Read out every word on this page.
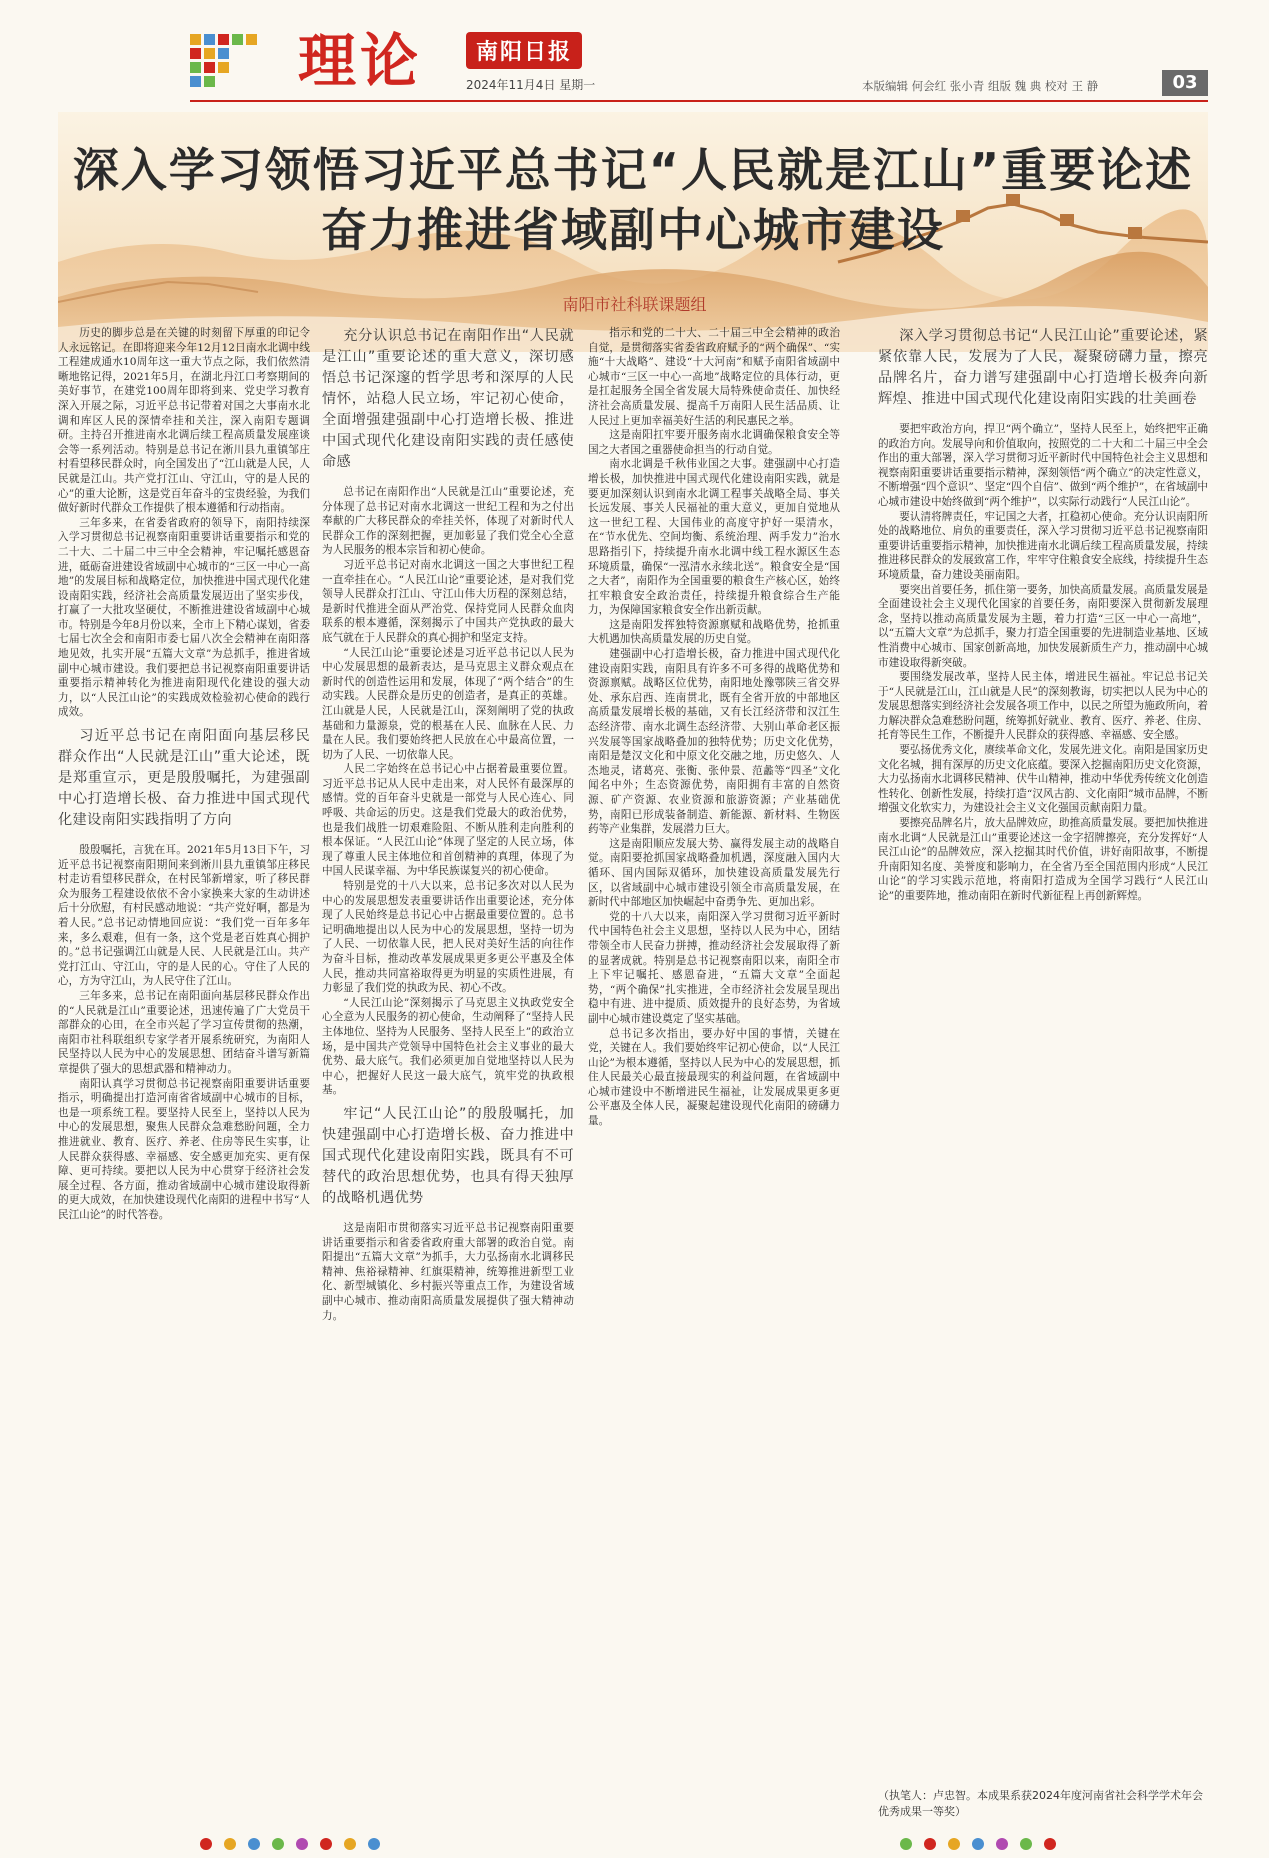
理论	南阳日报
2024年11月4日 星期一	本版编辑 何会红 张小青 组版 魏 典 校对 王 静	03
深入学习领悟习近平总书记“人民就是江山”重要论述
奋力推进省域副中心城市建设
南阳市社科联课题组

历史的脚步总是在关键的时刻留下厚重的印记令人永远铭记。在即将迎来今年12月12日南水北调中线工程建成通水10周年这一重大节点之际，我们依然清晰地铭记得，2021年5月，在湖北丹江口考察期间的美好事节，在建党100周年即将到来、党史学习教育深入开展之际，习近平总书记带着对国之大事南水北调和库区人民的深情牵挂和关注，深入南阳专题调研。主持召开推进南水北调后续工程高质量发展座谈会等一系列活动。特别是总书记在淅川县九重镇邹庄村看望移民群众时，向全国发出了“江山就是人民，人民就是江山。共产党打江山、守江山，守的是人民的心”的重大论断，这是党百年奋斗的宝贵经验，为我们做好新时代群众工作提供了根本遵循和行动指南。

三年多来，在省委省政府的领导下，南阳持续深入学习贯彻总书记视察南阳重要讲话重要指示和党的二十大、二十届二中三中全会精神，牢记嘱托感恩奋进，砥砺奋进建设省域副中心城市的“三区一中心一高地”的发展目标和战略定位，加快推进中国式现代化建设南阳实践，经济社会高质量发展迈出了坚实步伐，打赢了一大批攻坚硬仗，不断推进建设省域副中心城市。特别是今年8月份以来，全市上下精心谋划，省委七届七次全会和南阳市委七届八次全会精神在南阳落地见效，扎实开展“五篇大文章”为总抓手，推进省域副中心城市建设。我们要把总书记视察南阳重要讲话重要指示精神转化为推进南阳现代化建设的强大动力，以“人民江山论”的实践成效检验初心使命的践行成效。

习近平总书记在南阳面向基层移民群众作出“人民就是江山”重大论述，既是郑重宣示，更是殷殷嘱托，为建强副中心打造增长极、奋力推进中国式现代化建设南阳实践指明了方向

殷殷嘱托，言犹在耳。2021年5月13日下午，习近平总书记视察南阳期间来到淅川县九重镇邹庄移民村走访看望移民群众，在村民邹新增家，听了移民群众为服务工程建设依依不舍小家换来大家的生动讲述后十分欣慰，有村民感动地说：“共产党好啊，都是为着人民。”总书记动情地回应说：“我们党一百年多年来，多么艰难，但有一条，这个党是老百姓真心拥护的。”总书记强调江山就是人民、人民就是江山。共产党打江山、守江山，守的是人民的心。守住了人民的心，方为守江山，为人民守住了江山。

三年多来，总书记在南阳面向基层移民群众作出的“人民就是江山”重要论述，迅速传遍了广大党员干部群众的心田，在全市兴起了学习宣传贯彻的热潮，南阳市社科联组织专家学者开展系统研究，为南阳人民坚持以人民为中心的发展思想、团结奋斗谱写新篇章提供了强大的思想武器和精神动力。

南阳认真学习贯彻总书记视察南阳重要讲话重要指示，明确提出打造河南省省域副中心城市的目标，也是一项系统工程。要坚持人民至上，坚持以人民为中心的发展思想，聚焦人民群众急难愁盼问题，全力推进就业、教育、医疗、养老、住房等民生实事，让人民群众获得感、幸福感、安全感更加充实、更有保障、更可持续。要把以人民为中心贯穿于经济社会发展全过程、各方面，推动省域副中心城市建设取得新的更大成效，在加快建设现代化南阳的进程中书写“人民江山论”的时代答卷。

充分认识总书记在南阳作出“人民就是江山”重要论述的重大意义，深切感悟总书记深邃的哲学思考和深厚的人民情怀，站稳人民立场，牢记初心使命，全面增强建强副中心打造增长极、推进中国式现代化建设南阳实践的责任感使命感

总书记在南阳作出“人民就是江山”重要论述，充分体现了总书记对南水北调这一世纪工程和为之付出奉献的广大移民群众的牵挂关怀，体现了对新时代人民群众工作的深刻把握，更加彰显了我们党全心全意为人民服务的根本宗旨和初心使命。

习近平总书记对南水北调这一国之大事世纪工程一直牵挂在心。“人民江山论”重要论述，是对我们党领导人民群众打江山、守江山伟大历程的深刻总结，是新时代推进全面从严治党、保持党同人民群众血肉联系的根本遵循，深刻揭示了中国共产党执政的最大底气就在于人民群众的真心拥护和坚定支持。

“人民江山论”重要论述是习近平总书记以人民为中心发展思想的最新表达，是马克思主义群众观点在新时代的创造性运用和发展，体现了“两个结合”的生动实践。人民群众是历史的创造者，是真正的英雄。江山就是人民，人民就是江山，深刻阐明了党的执政基础和力量源泉，党的根基在人民、血脉在人民、力量在人民。我们要始终把人民放在心中最高位置，一切为了人民、一切依靠人民。

人民二字始终在总书记心中占据着最重要位置。习近平总书记从人民中走出来，对人民怀有最深厚的感情。党的百年奋斗史就是一部党与人民心连心、同呼吸、共命运的历史。这是我们党最大的政治优势，也是我们战胜一切艰难险阻、不断从胜利走向胜利的根本保证。“人民江山论”体现了坚定的人民立场，体现了尊重人民主体地位和首创精神的真理，体现了为中国人民谋幸福、为中华民族谋复兴的初心使命。

特别是党的十八大以来，总书记多次对以人民为中心的发展思想发表重要讲话作出重要论述，充分体现了人民始终是总书记心中占据最重要位置的。总书记明确地提出以人民为中心的发展思想，坚持一切为了人民、一切依靠人民，把人民对美好生活的向往作为奋斗目标，推动改革发展成果更多更公平惠及全体人民，推动共同富裕取得更为明显的实质性进展，有力彰显了我们党的执政为民、初心不改。

“人民江山论”深刻揭示了马克思主义执政党安全心全意为人民服务的初心使命，生动阐释了“坚持人民主体地位、坚持为人民服务、坚持人民至上”的政治立场，是中国共产党领导中国特色社会主义事业的最大优势、最大底气。我们必须更加自觉地坚持以人民为中心，把握好人民这一最大底气，筑牢党的执政根基。

牢记“人民江山论”的殷殷嘱托，加快建强副中心打造增长极、奋力推进中国式现代化建设南阳实践，既具有不可替代的政治思想优势，也具有得天独厚的战略机遇优势

这是南阳市贯彻落实习近平总书记视察南阳重要讲话重要指示和省委省政府重大部署的政治自觉。南阳提出“五篇大文章”为抓手，大力弘扬南水北调移民精神、焦裕禄精神、红旗渠精神，统筹推进新型工业化、新型城镇化、乡村振兴等重点工作，为建设省域副中心城市、推动南阳高质量发展提供了强大精神动力。

指示和党的二十大、二十届三中全会精神的政治自觉，是贯彻落实省委省政府赋予的“两个确保”、“实施“十大战略”、建设“十大河南”和赋予南阳省域副中心城市“三区一中心一高地”战略定位的具体行动，更是扛起服务全国全省发展大局特殊使命责任、加快经济社会高质量发展、提高千万南阳人民生活品质、让人民过上更加幸福美好生活的利民惠民之举。

这是南阳扛牢要开服务南水北调确保粮食安全等国之大者国之重器使命担当的行动自觉。

南水北调是千秋伟业国之大事。建强副中心打造增长极，加快推进中国式现代化建设南阳实践，就是要更加深刻认识到南水北调工程事关战略全局、事关长远发展、事关人民福祉的重大意义，更加自觉地从这一世纪工程、大国伟业的高度守护好一渠清水，在“节水优先、空间均衡、系统治理、两手发力”治水思路指引下，持续提升南水北调中线工程水源区生态环境质量，确保“一泓清水永续北送”。粮食安全是“国之大者”，南阳作为全国重要的粮食生产核心区，始终扛牢粮食安全政治责任，持续提升粮食综合生产能力，为保障国家粮食安全作出新贡献。

这是南阳发挥独特资源禀赋和战略优势，抢抓重大机遇加快高质量发展的历史自觉。

建强副中心打造增长极，奋力推进中国式现代化建设南阳实践，南阳具有许多不可多得的战略优势和资源禀赋。战略区位优势，南阳地处豫鄂陕三省交界处、承东启西、连南贯北，既有全省开放的中部地区高质量发展增长极的基础，又有长江经济带和汉江生态经济带、南水北调生态经济带、大别山革命老区振兴发展等国家战略叠加的独特优势；历史文化优势，南阳是楚汉文化和中原文化交融之地，历史悠久、人杰地灵，诸葛亮、张衡、张仲景、范蠡等“四圣”文化闻名中外；生态资源优势，南阳拥有丰富的自然资源、矿产资源、农业资源和旅游资源；产业基础优势，南阳已形成装备制造、新能源、新材料、生物医药等产业集群，发展潜力巨大。

这是南阳顺应发展大势、赢得发展主动的战略自觉。南阳要抢抓国家战略叠加机遇，深度融入国内大循环、国内国际双循环，加快建设高质量发展先行区，以省域副中心城市建设引领全市高质量发展，在新时代中部地区加快崛起中奋勇争先、更加出彩。

党的十八大以来，南阳深入学习贯彻习近平新时代中国特色社会主义思想，坚持以人民为中心，团结带领全市人民奋力拼搏，推动经济社会发展取得了新的显著成就。特别是总书记视察南阳以来，南阳全市上下牢记嘱托、感恩奋进，“五篇大文章”全面起势，“两个确保”扎实推进，全市经济社会发展呈现出稳中有进、进中提质、质效提升的良好态势，为省域副中心城市建设奠定了坚实基础。

总书记多次指出，要办好中国的事情，关键在党，关键在人。我们要始终牢记初心使命，以“人民江山论”为根本遵循，坚持以人民为中心的发展思想，抓住人民最关心最直接最现实的利益问题，在省域副中心城市建设中不断增进民生福祉，让发展成果更多更公平惠及全体人民，凝聚起建设现代化南阳的磅礴力量。

深入学习贯彻总书记“人民江山论”重要论述，紧紧依靠人民，发展为了人民，凝聚磅礴力量，擦亮品牌名片，奋力谱写建强副中心打造增长极奔向新辉煌、推进中国式现代化建设南阳实践的壮美画卷

要把牢政治方向，捍卫“两个确立”，坚持人民至上，始终把牢正确的政治方向。发展导向和价值取向，按照党的二十大和二十届三中全会作出的重大部署，深入学习贯彻习近平新时代中国特色社会主义思想和视察南阳重要讲话重要指示精神，深刻领悟“两个确立”的决定性意义，不断增强“四个意识”、坚定“四个自信”、做到“两个维护”，在省域副中心城市建设中始终做到“两个维护”，以实际行动践行“人民江山论”。

要认清将牌责任，牢记国之大者，扛稳初心使命。充分认识南阳所处的战略地位、肩负的重要责任，深入学习贯彻习近平总书记视察南阳重要讲话重要指示精神，加快推进南水北调后续工程高质量发展，持续推进移民群众的发展致富工作，牢牢守住粮食安全底线，持续提升生态环境质量，奋力建设美丽南阳。

要突出首要任务，抓住第一要务，加快高质量发展。高质量发展是全面建设社会主义现代化国家的首要任务，南阳要深入贯彻新发展理念，坚持以推动高质量发展为主题，着力打造“三区一中心一高地”，以“五篇大文章”为总抓手，聚力打造全国重要的先进制造业基地、区域性消费中心城市、国家创新高地，加快发展新质生产力，推动副中心城市建设取得新突破。

要围绕发展改革，坚持人民主体，增进民生福祉。牢记总书记关于“人民就是江山，江山就是人民”的深刻教诲，切实把以人民为中心的发展思想落实到经济社会发展各项工作中，以民之所望为施政所向，着力解决群众急难愁盼问题，统筹抓好就业、教育、医疗、养老、住房、托育等民生工作，不断提升人民群众的获得感、幸福感、安全感。

要弘扬优秀文化，赓续革命文化，发展先进文化。南阳是国家历史文化名城，拥有深厚的历史文化底蕴。要深入挖掘南阳历史文化资源，大力弘扬南水北调移民精神、伏牛山精神，推动中华优秀传统文化创造性转化、创新性发展，持续打造“汉风古韵、文化南阳”城市品牌，不断增强文化软实力，为建设社会主义文化强国贡献南阳力量。

要擦亮品牌名片，放大品牌效应，助推高质量发展。要把加快推进南水北调“人民就是江山”重要论述这一金字招牌擦亮，充分发挥好“人民江山论”的品牌效应，深入挖掘其时代价值，讲好南阳故事，不断提升南阳知名度、美誉度和影响力，在全省乃至全国范围内形成“人民江山论”的学习实践示范地，将南阳打造成为全国学习践行“人民江山论”的重要阵地，推动南阳在新时代新征程上再创新辉煌。

（执笔人：卢忠智。本成果系获2024年度河南省社会科学学术年会优秀成果一等奖）
